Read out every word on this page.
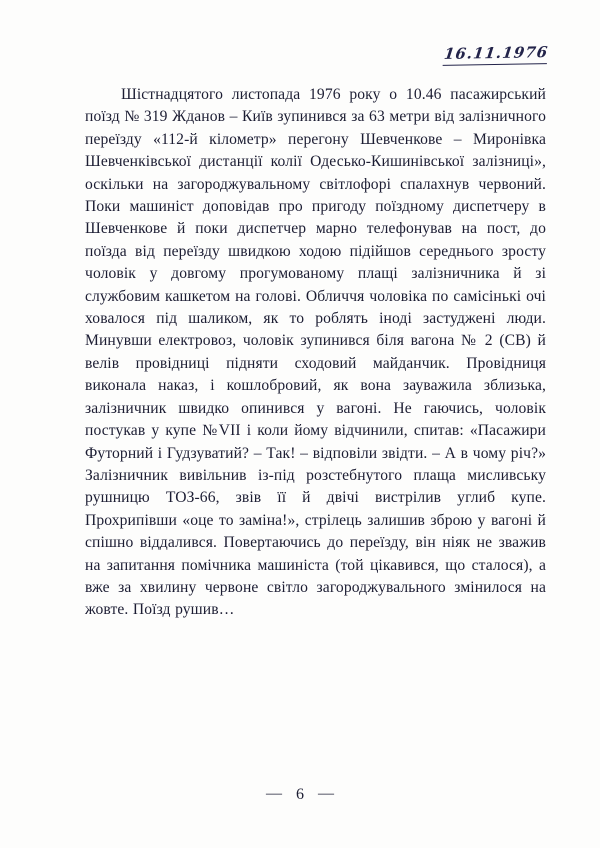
16.11.1976

Шістнадцятого листопада 1976 року о 10.46 пасажирський поїзд № 319 Жданов – Київ зупинився за 63 метри від залізничного переїзду «112-й кілометр» перегону Шевченкове – Миронівка Шевченківської дистанції колії Одесько-Кишинівської залізниці», оскільки на загороджувальному світлофорі спалахнув червоний. Поки машиніст доповідав про пригоду поїздному диспетчеру в Шевченкове й поки диспетчер марно телефонував на пост, до поїзда від переїзду швидкою ходою підійшов середнього зросту чоловік у довгому прогумованому плащі залізничника й зі службовим кашкетом на голові. Обличчя чоловіка по самісінькі очі ховалося під шаликом, як то роблять іноді застуджені люди. Минувши електровоз, чоловік зупинився біля вагона № 2 (СВ) й велів провідниці підняти сходовий майданчик. Провідниця виконала наказ, і кошлобровий, як вона зауважила зблизька, залізничник швидко опинився у вагоні. Не гаючись, чоловік постукав у купе №VII і коли йому відчинили, спитав: «Пасажири Футорний і Гудзуватий? – Так! – відповіли звідти. – А в чому річ?» Залізничник вивільнив із-під розстебнутого плаща мисливську рушницю ТОЗ-66, звів її й двічі вистрілив углиб купе. Прохрипівши «оце то заміна!», стрілець залишив зброю у вагоні й спішно віддалився. Повертаючись до переїзду, він ніяк не зважив на запитання помічника машиніста (той цікавився, що сталося), а вже за хвилину червоне світло загороджувального змінилося на жовте. Поїзд рушив…

— 6 —
